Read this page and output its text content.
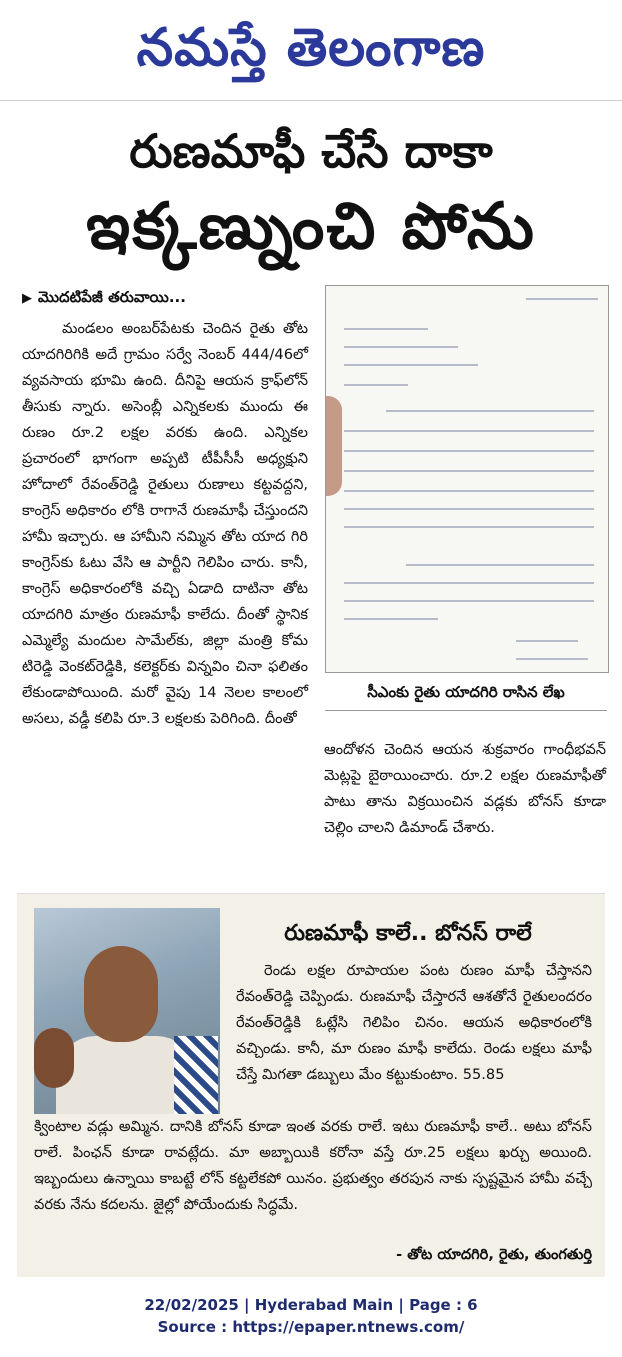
నమస్తే తెలంగాణ
రుణమాఫీ చేసే దాకా
ఇక్కణ్నుంచి పోను
▶ మొదటిపేజీ తరువాయి...

మండలం అంబర్‌పేటకు చెందిన రైతు తోట యాదగిరిగికి అదే గ్రామం సర్వే నెంబర్ 444/46లో వ్యవసాయ భూమి ఉంది. దీనిపై ఆయన క్రాఫ్‌లోన్ తీసుకు న్నారు. అసెంబ్లీ ఎన్నికలకు ముందు ఈ రుణం రూ.2 లక్షల వరకు ఉంది. ఎన్నికల ప్రచారంలో భాగంగా అప్పటి టీపీసీసీ అధ్యక్షుని హోదాలో రేవంత్‌రెడ్డి రైతులు రుణాలు కట్టవద్దని, కాంగ్రెస్ అధికారం లోకి రాగానే రుణమాఫీ చేస్తుందని హామీ ఇచ్చారు. ఆ హామీని నమ్మిన తోట యాద గిరి కాంగ్రెస్‌కు ఓటు వేసి ఆ పార్టీని గెలిపిం చారు. కానీ, కాంగ్రెస్ అధికారంలోకి వచ్చి ఏడాది దాటినా తోట యాదగిరి మాత్రం రుణమాఫీ కాలేదు. దీంతో స్థానిక ఎమ్మెల్యే మందుల సామేల్‌కు, జిల్లా మంత్రి కోమ టిరెడ్డి వెంకట్‌రెడ్డికి, కలెక్టర్‌కు విన్నవిం చినా ఫలితం లేకుండాపోయింది. మరో వైపు 14 నెలల కాలంలో అసలు, వడ్డీ కలిపి రూ.3 లక్షలకు పెరిగింది. దీంతో

సీఎంకు రైతు యాదగిరి రాసిన లేఖ

ఆందోళన చెందిన ఆయన శుక్రవారం గాంధీభవన్ మెట్లపై బైఠాయించారు. రూ.2 లక్షల రుణమాఫీతో పాటు తాను విక్రయించిన వడ్లకు బోనస్ కూడా చెల్లిం చాలని డిమాండ్ చేశారు.

రుణమాఫీ కాలే.. బోనస్ రాలే
రెండు లక్షల రూపాయల పంట రుణం మాఫీ చేస్తానని రేవంత్‌రెడ్డి చెప్పిండు. రుణమాఫీ చేస్తారనే ఆశతోనే రైతులందరం రేవంత్‌రెడ్డికి ఓట్లేసి గెలిపిం చినం. ఆయన అధికారంలోకి వచ్చిండు. కానీ, మా రుణం మాఫీ కాలేదు. రెండు లక్షలు మాఫీ చేస్తే మిగతా డబ్బులు మేం కట్టుకుంటాం. 55.85
క్వింటాల వడ్లు అమ్మిన. దానికి బోనస్ కూడా ఇంత వరకు రాలే. ఇటు రుణమాఫీ కాలే.. అటు బోనస్ రాలే. పింఛన్ కూడా రావట్లేదు. మా అబ్బాయికి కరోనా వస్తే రూ.25 లక్షలు ఖర్చు అయింది. ఇబ్బందులు ఉన్నాయి కాబట్టే లోన్ కట్టలేకపో యినం. ప్రభుత్వం తరపున నాకు స్పష్టమైన హామీ వచ్చే వరకు నేను కదలను. జైల్లో పోయేందుకు సిద్ధమే.
- తోట యాదగిరి, రైతు, తుంగతుర్తి
22/02/2025 | Hyderabad Main | Page : 6
Source : https://epaper.ntnews.com/
